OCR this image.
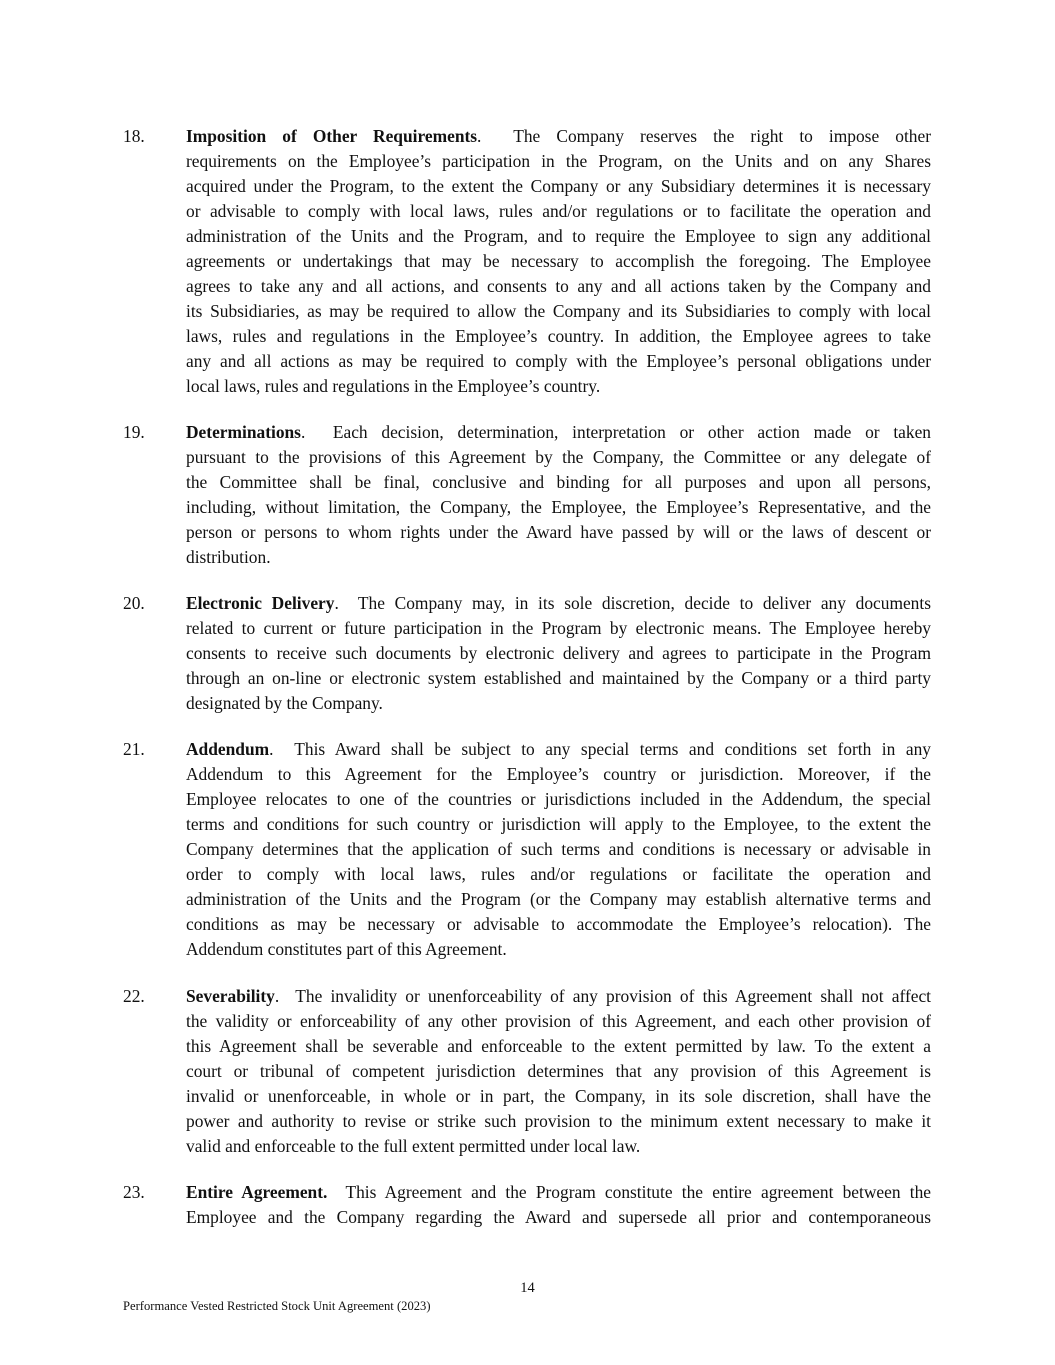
18. Imposition of Other Requirements.  The Company reserves the right to impose other
requirements on the Employee’s participation in the Program, on the Units and on any Shares
acquired under the Program, to the extent the Company or any Subsidiary determines it is necessary
or advisable to comply with local laws, rules and/or regulations or to facilitate the operation and
administration of the Units and the Program, and to require the Employee to sign any additional
agreements or undertakings that may be necessary to accomplish the foregoing. The Employee
agrees to take any and all actions, and consents to any and all actions taken by the Company and
its Subsidiaries, as may be required to allow the Company and its Subsidiaries to comply with local
laws, rules and regulations in the Employee’s country. In addition, the Employee agrees to take
any and all actions as may be required to comply with the Employee’s personal obligations under
local laws, rules and regulations in the Employee’s country.
19. Determinations.  Each decision, determination, interpretation or other action made or taken
pursuant to the provisions of this Agreement by the Company, the Committee or any delegate of
the Committee shall be final, conclusive and binding for all purposes and upon all persons,
including, without limitation, the Company, the Employee, the Employee’s Representative, and the
person or persons to whom rights under the Award have passed by will or the laws of descent or
distribution.
20. Electronic Delivery.  The Company may, in its sole discretion, decide to deliver any documents
related to current or future participation in the Program by electronic means. The Employee hereby
consents to receive such documents by electronic delivery and agrees to participate in the Program
through an on-line or electronic system established and maintained by the Company or a third party
designated by the Company.
21. Addendum.  This Award shall be subject to any special terms and conditions set forth in any
Addendum to this Agreement for the Employee’s country or jurisdiction. Moreover, if the
Employee relocates to one of the countries or jurisdictions included in the Addendum, the special
terms and conditions for such country or jurisdiction will apply to the Employee, to the extent the
Company determines that the application of such terms and conditions is necessary or advisable in
order to comply with local laws, rules and/or regulations or facilitate the operation and
administration of the Units and the Program (or the Company may establish alternative terms and
conditions as may be necessary or advisable to accommodate the Employee’s relocation). The
Addendum constitutes part of this Agreement.
22. Severability.  The invalidity or unenforceability of any provision of this Agreement shall not affect
the validity or enforceability of any other provision of this Agreement, and each other provision of
this Agreement shall be severable and enforceable to the extent permitted by law. To the extent a
court or tribunal of competent jurisdiction determines that any provision of this Agreement is
invalid or unenforceable, in whole or in part, the Company, in its sole discretion, shall have the
power and authority to revise or strike such provision to the minimum extent necessary to make it
valid and enforceable to the full extent permitted under local law.
23. Entire Agreement.  This Agreement and the Program constitute the entire agreement between the
Employee and the Company regarding the Award and supersede all prior and contemporaneous
14
Performance Vested Restricted Stock Unit Agreement (2023)
